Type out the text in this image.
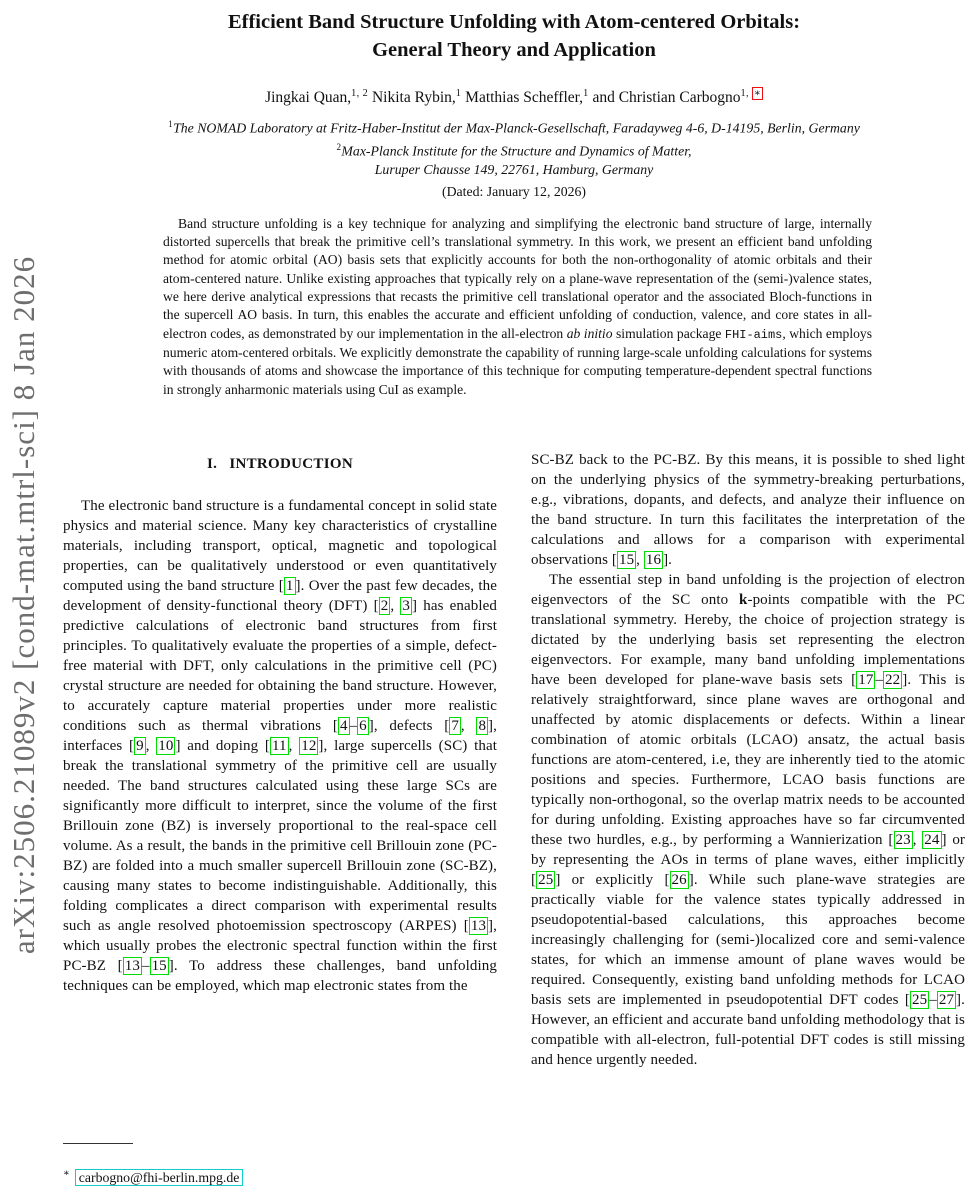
arXiv:2506.21089v2 [cond-mat.mtrl-sci] 8 Jan 2026
Efficient Band Structure Unfolding with Atom-centered Orbitals:
General Theory and Application
Jingkai Quan,$^{1, 2}$ Nikita Rybin,$^1$ Matthias Scheffler,$^1$ and Christian Carbogno$^{1,}$ ∗
$^1$The NOMAD Laboratory at Fritz-Haber-Institut der Max-Planck-Gesellschaft, Faradayweg 4-6, D-14195, Berlin, Germany
$^2$Max-Planck Institute for the Structure and Dynamics of Matter,
Luruper Chausse 149, 22761, Hamburg, Germany
(Dated: January 12, 2026)
Band structure unfolding is a key technique for analyzing and simplifying the electronic band structure of large, internally distorted supercells that break the primitive cell’s translational symmetry. In this work, we present an efficient band unfolding method for atomic orbital (AO) basis sets that explicitly accounts for both the non-orthogonality of atomic orbitals and their atom-centered nature. Unlike existing approaches that typically rely on a plane-wave representation of the (semi-)valence states, we here derive analytical expressions that recasts the primitive cell translational operator and the associated Bloch-functions in the supercell AO basis. In turn, this enables the accurate and efficient unfolding of conduction, valence, and core states in all-electron codes, as demonstrated by our implementation in the all-electron ab initio simulation package FHI-aims, which employs numeric atom-centered orbitals. We explicitly demonstrate the capability of running large-scale unfolding calculations for systems with thousands of atoms and showcase the importance of this technique for computing temperature-dependent spectral functions in strongly anharmonic materials using CuI as example.
I.   INTRODUCTION

The electronic band structure is a fundamental concept in solid state physics and material science. Many key characteristics of crystalline materials, including transport, optical, magnetic and topological properties, can be qualitatively understood or even quantitatively computed using the band structure [ 1 ]. Over the past few decades, the development of density-functional theory (DFT) [ 2 , 3 ] has enabled predictive calculations of electronic band structures from first principles. To qualitatively evaluate the properties of a simple, defect-free material with DFT, only calculations in the primitive cell (PC) crystal structure are needed for obtaining the band structure. However, to accurately capture material properties under more realistic conditions such as thermal vibrations [ 4 – 6 ], defects [ 7 , 8 ], interfaces [ 9 , 10 ] and doping [ 11 , 12 ], large supercells (SC) that break the translational symmetry of the primitive cell are usually needed. The band structures calculated using these large SCs are significantly more difficult to interpret, since the volume of the first Brillouin zone (BZ) is inversely proportional to the real-space cell volume. As a result, the bands in the primitive cell Brillouin zone (PC-BZ) are folded into a much smaller supercell Brillouin zone (SC-BZ), causing many states to become indistinguishable. Additionally, this folding complicates a direct comparison with experimental results such as angle resolved photoemission spectroscopy (ARPES) [ 13 ], which usually probes the electronic spectral function within the first PC-BZ [ 13 – 15 ]. To address these challenges, band unfolding techniques can be employed, which map electronic states from the

SC-BZ back to the PC-BZ. By this means, it is possible to shed light on the underlying physics of the symmetry-breaking perturbations, e.g., vibrations, dopants, and defects, and analyze their influence on the band structure. In turn this facilitates the interpretation of the calculations and allows for a comparison with experimental observations [ 15 , 16 ].

The essential step in band unfolding is the projection of electron eigenvectors of the SC onto k-points compatible with the PC translational symmetry. Hereby, the choice of projection strategy is dictated by the underlying basis set representing the electron eigenvectors. For example, many band unfolding implementations have been developed for plane-wave basis sets [ 17 – 22 ]. This is relatively straightforward, since plane waves are orthogonal and unaffected by atomic displacements or defects. Within a linear combination of atomic orbitals (LCAO) ansatz, the actual basis functions are atom-centered, i.e, they are inherently tied to the atomic positions and species. Furthermore, LCAO basis functions are typically non-orthogonal, so the overlap matrix needs to be accounted for during unfolding. Existing approaches have so far circumvented these two hurdles, e.g., by performing a Wannierization [ 23 , 24 ] or by representing the AOs in terms of plane waves, either implicitly [ 25 ] or explicitly [ 26 ]. While such plane-wave strategies are practically viable for the valence states typically addressed in pseudopotential-based calculations, this approaches become increasingly challenging for (semi-)localized core and semi-valence states, for which an immense amount of plane waves would be required. Consequently, existing band unfolding methods for LCAO basis sets are implemented in pseudopotential DFT codes [ 25 – 27 ]. However, an efficient and accurate band unfolding methodology that is compatible with all-electron, full-potential DFT codes is still missing and hence urgently needed.

∗ carbogno@fhi-berlin.mpg.de
